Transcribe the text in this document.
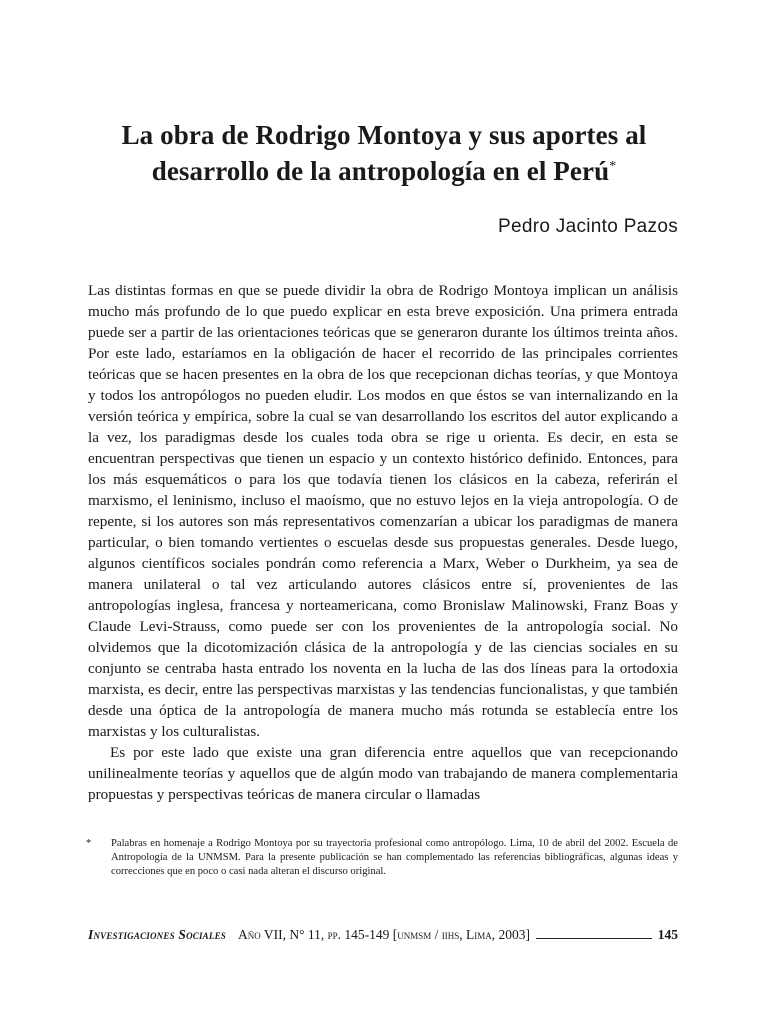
La obra de Rodrigo Montoya y sus aportes al
desarrollo de la antropología en el Perú*
Pedro Jacinto Pazos

Las distintas formas en que se puede dividir la obra de Rodrigo Montoya implican un análisis mucho más profundo de lo que puedo explicar en esta breve exposición. Una primera entrada puede ser a partir de las orientaciones teóricas que se generaron durante los últimos treinta años. Por este lado, estaríamos en la obligación de hacer el recorrido de las principales corrientes teóricas que se hacen presentes en la obra de los que recepcionan dichas teorías, y que Montoya y todos los antropólogos no pueden eludir. Los modos en que éstos se van internalizando en la versión teórica y empírica, sobre la cual se van desarrollando los escritos del autor explicando a la vez, los paradigmas desde los cuales toda obra se rige u orienta. Es decir, en esta se encuentran perspectivas que tienen un espacio y un contexto histórico definido. Entonces, para los más esquemáticos o para los que todavía tienen los clásicos en la cabeza, referirán el marxismo, el leninismo, incluso el maoísmo, que no estuvo lejos en la vieja antropología. O de repente, si los autores son más representativos comenzarían a ubicar los paradigmas de manera particular, o bien tomando vertientes o escuelas desde sus propuestas generales. Desde luego, algunos científicos sociales pondrán como referencia a Marx, Weber o Durkheim, ya sea de manera unilateral o tal vez articulando autores clásicos entre sí, provenientes de las antropologías inglesa, francesa y norteamericana, como Bronislaw Malinowski, Franz Boas y Claude Levi-Strauss, como puede ser con los provenientes de la antropología social. No olvidemos que la dicotomización clásica de la antropología y de las ciencias sociales en su conjunto se centraba hasta entrado los noventa en la lucha de las dos líneas para la ortodoxia marxista, es decir, entre las perspectivas marxistas y las tendencias funcionalistas, y que también desde una óptica de la antropología de manera mucho más rotunda se establecía entre los marxistas y los culturalistas.

Es por este lado que existe una gran diferencia entre aquellos que van recepcionando unilinealmente teorías y aquellos que de algún modo van trabajando de manera complementaria propuestas y perspectivas teóricas de manera circular o llamadas

* Palabras en homenaje a Rodrigo Montoya por su trayectoria profesional como antropólogo. Lima, 10 de abril del 2002. Escuela de Antropología de la UNMSM. Para la presente publicación se han complementado las referencias bibliográficas, algunas ideas y correcciones que en poco o casi nada alteran el discurso original.
Investigaciones Sociales Año VII, N° 11, pp. 145-149 [unmsm / iihs, Lima, 2003]	145
